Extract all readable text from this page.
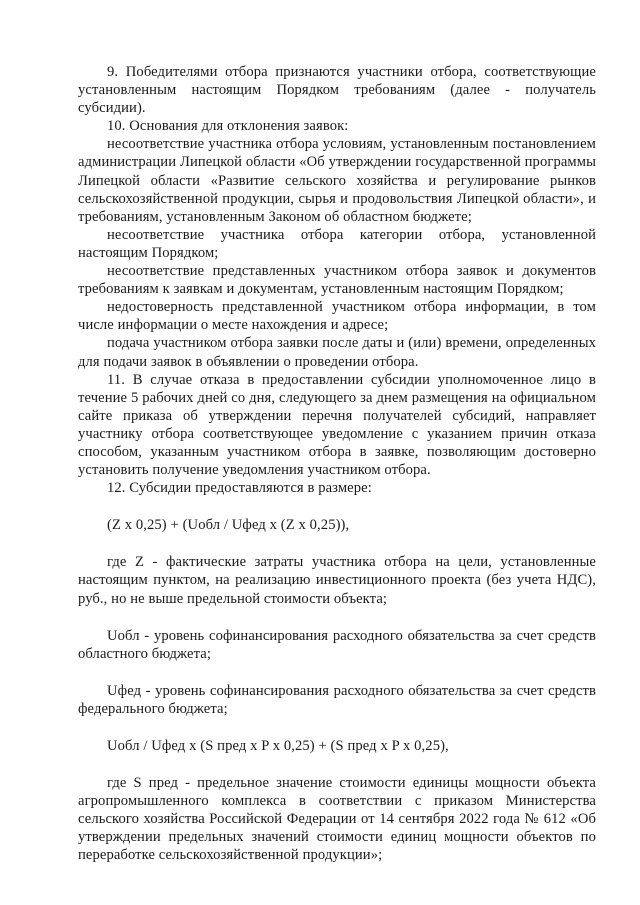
9. Победителями отбора признаются участники отбора, соответствующие установленным настоящим Порядком требованиям (далее - получатель субсидии).

10. Основания для отклонения заявок:

несоответствие участника отбора условиям, установленным постановлением администрации Липецкой области «Об утверждении государственной программы Липецкой области «Развитие сельского хозяйства и регулирование рынков сельскохозяйственной продукции, сырья и продовольствия Липецкой области», и требованиям, установленным Законом об областном бюджете;

несоответствие участника отбора категории отбора, установленной настоящим Порядком;

несоответствие представленных участником отбора заявок и документов требованиям к заявкам и документам, установленным настоящим Порядком;

недостоверность представленной участником отбора информации, в том числе информации о месте нахождения и адресе;

подача участником отбора заявки после даты и (или) времени, определенных для подачи заявок в объявлении о проведении отбора.

11. В случае отказа в предоставлении субсидии уполномоченное лицо в течение 5 рабочих дней со дня, следующего за днем размещения на официальном сайте приказа об утверждении перечня получателей субсидий, направляет участнику отбора соответствующее уведомление с указанием причин отказа способом, указанным участником отбора в заявке, позволяющим достоверно установить получение уведомления участником отбора.

12. Субсидии предоставляются в размере:

(Z x 0,25) + (Uобл / Uфед x (Z x 0,25)),

где Z - фактические затраты участника отбора на цели, установленные настоящим пунктом, на реализацию инвестиционного проекта (без учета НДС), руб., но не выше предельной стоимости объекта;

Uобл - уровень софинансирования расходного обязательства за счет средств областного бюджета;

Uфед - уровень софинансирования расходного обязательства за счет средств федерального бюджета;

Uобл / Uфед x (S пред x P x 0,25) + (S пред x P x 0,25),

где S пред - предельное значение стоимости единицы мощности объекта агропромышленного комплекса в соответствии с приказом Министерства сельского хозяйства Российской Федерации от 14 сентября 2022 года № 612 «Об утверждении предельных значений стоимости единиц мощности объектов по переработке сельскохозяйственной продукции»;
